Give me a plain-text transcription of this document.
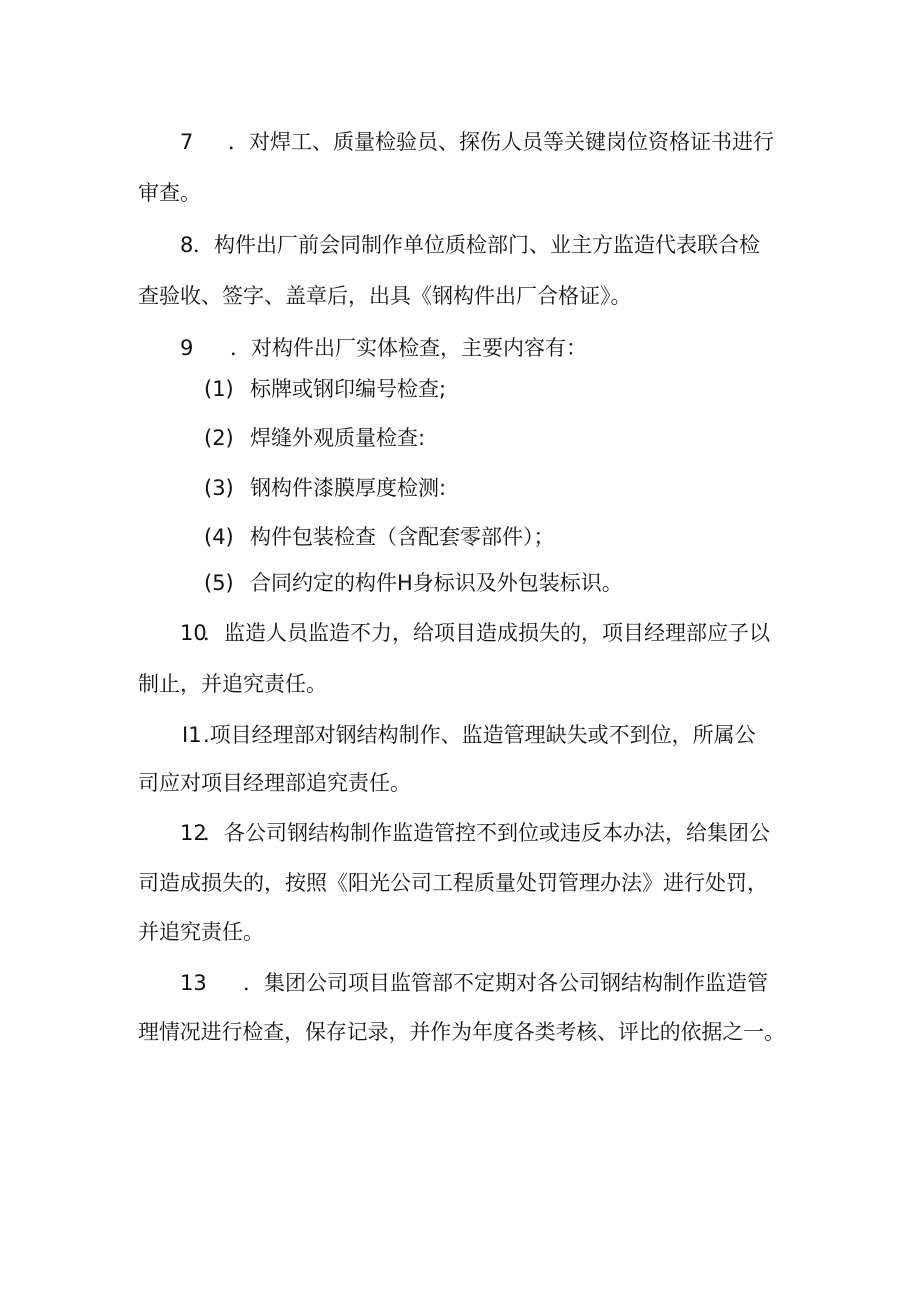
7 ．对焊工、质量检验员、探伤人员等关键岗位资格证书进行
审查。
8 ．构件出厂前会同制作单位质检部门、业主方监造代表联合检
查验收、签字、盖章后，出具《钢构件出厂合格证》。
9 ．对构件出厂实体检查，主要内容有：
(1) 标牌或钢印编号检查;
(2) 焊缝外观质量检查:
(3) 钢构件漆膜厚度检测:
(4) 构件包装检查（含配套零部件）；
(5) 合同约定的构件H身标识及外包装标识。
10
．监造人员监造不力，给项目造成损失的，项目经理部应子以
制止，并追究责任。
I1 .项目经理部对钢结构制作、监造管理缺失或不到位，所属公
司应对项目经理部追究责任。
12
．各公司钢结构制作监造管控不到位或违反本办法，给集团公
司造成损失的，按照《阳光公司工程质量处罚管理办法》进行处罚，
并追究责任。
13 ．集团公司项目监管部不定期对各公司钢结构制作监造管
理情况进行检查，保存记录，并作为年度各类考核、评比的依据之一。
